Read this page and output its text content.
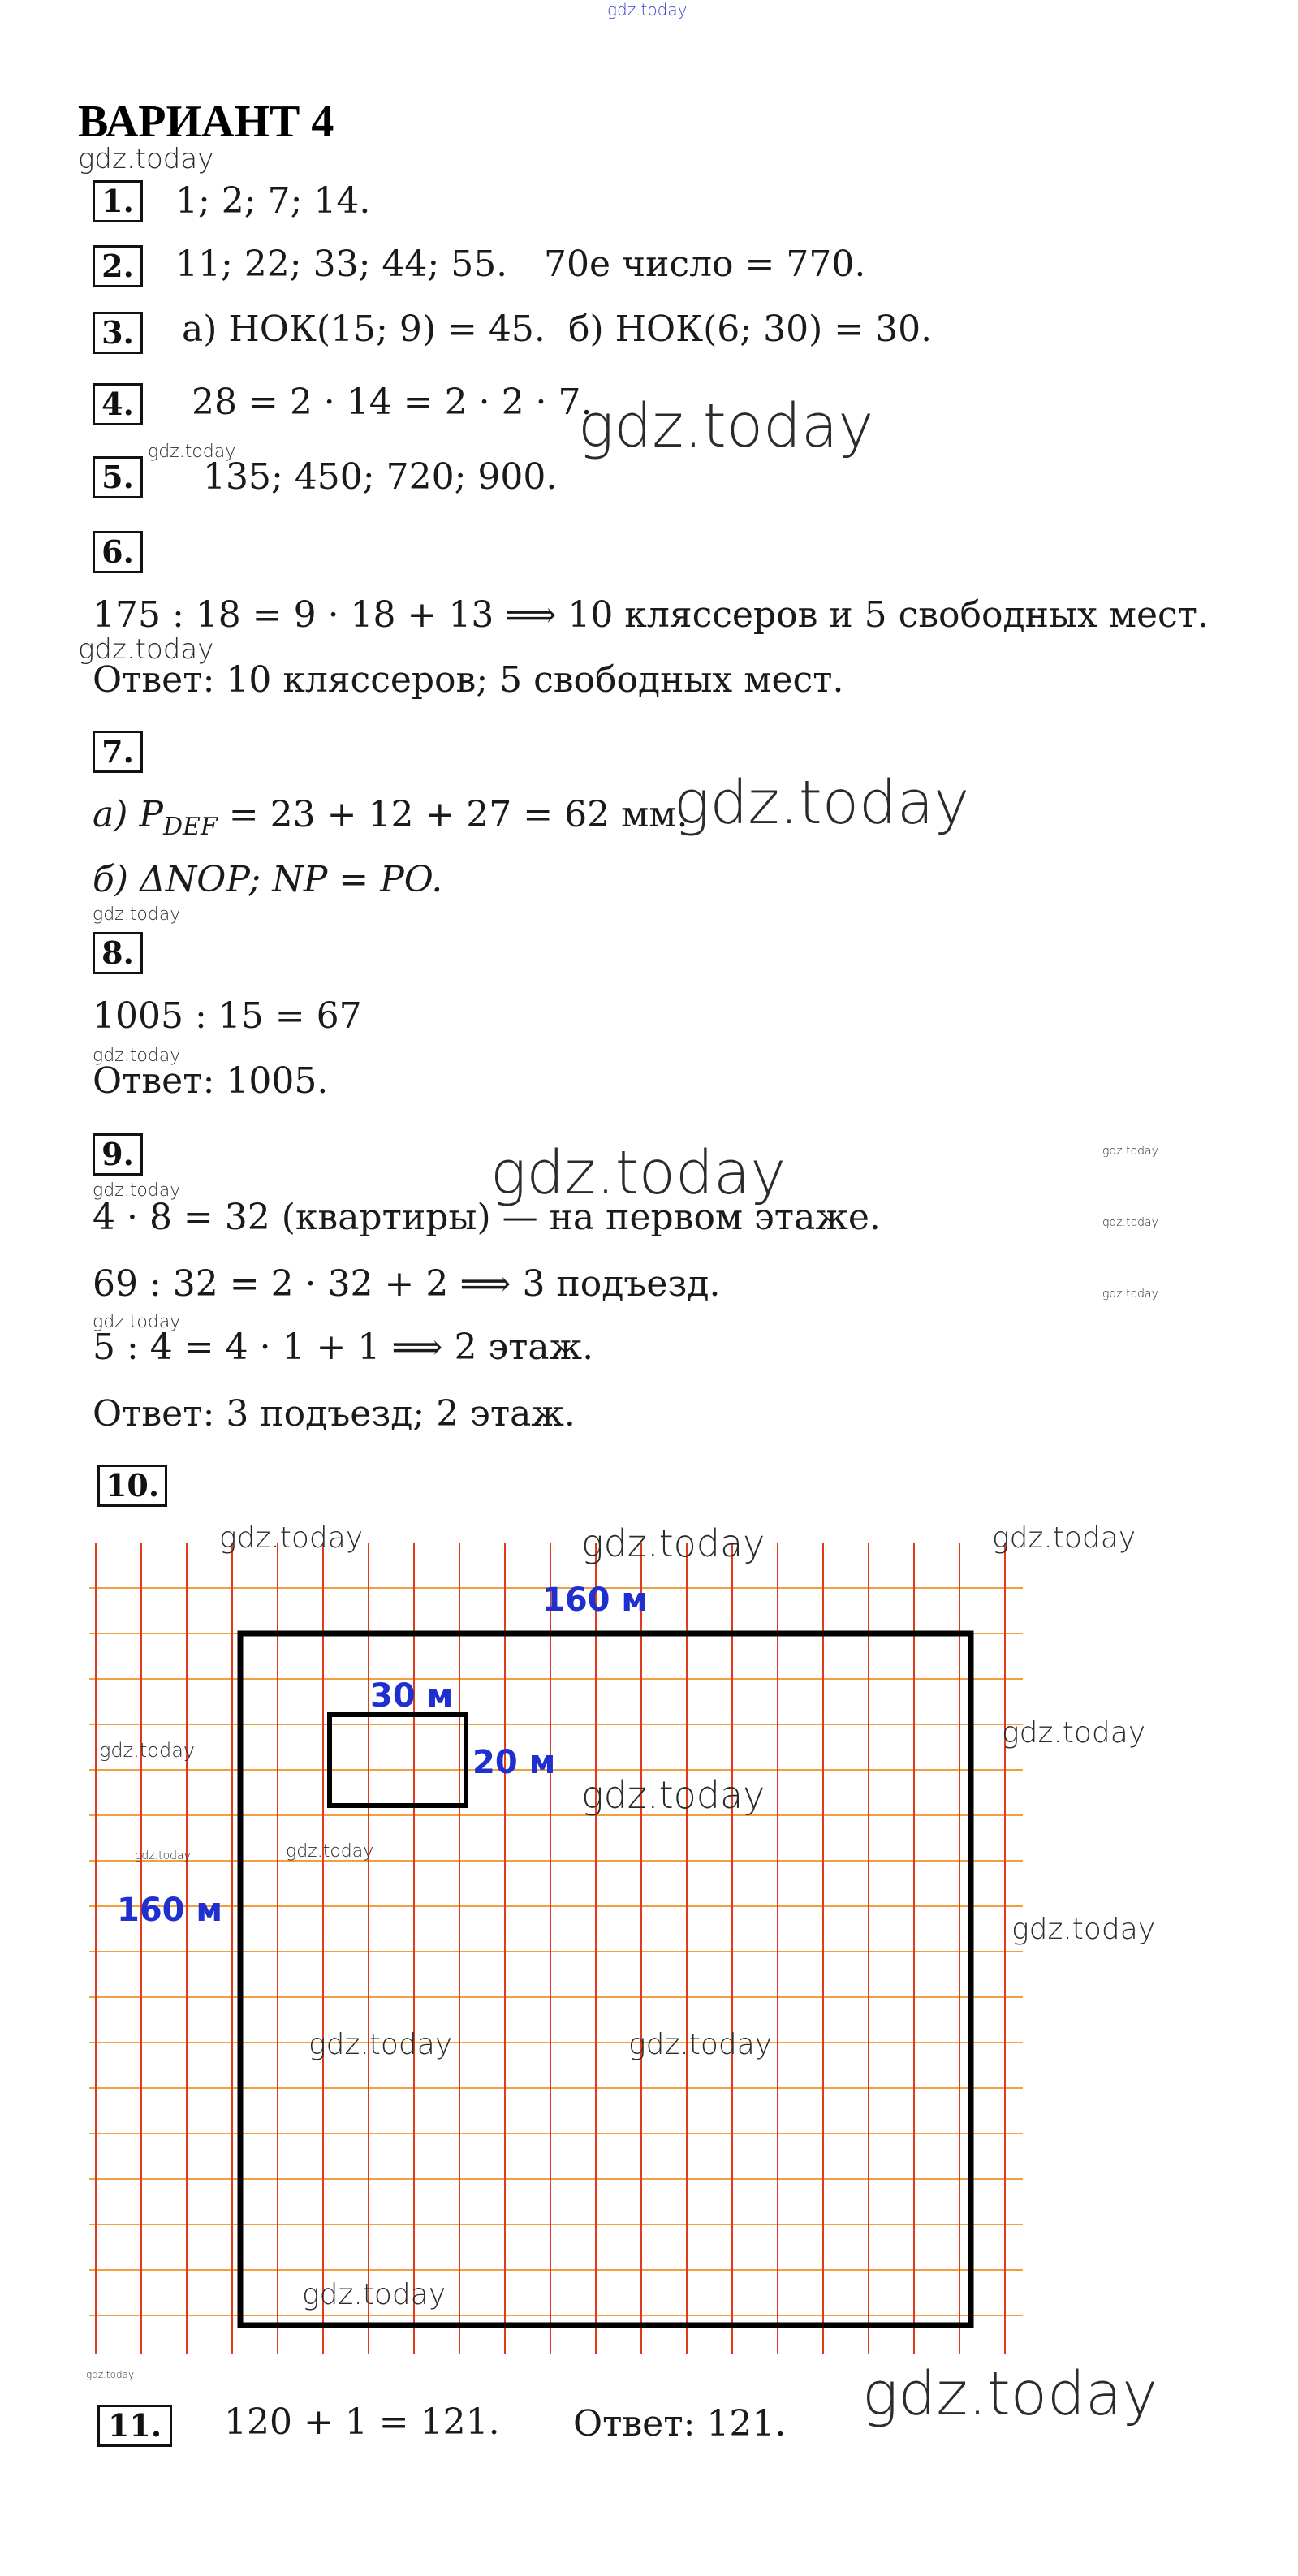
gdz.today
ВАРИАНТ 4
gdz.today
1. 1; 2; 7; 14.
2. 11; 22; 33; 44; 55. 70е число = 770.
3. а) НОК(15; 9) = 45. б) НОК(6; 30) = 30.
4. 28 = 2 · 14 = 2 · 2 · 7.
gdz.today
5.
gdz.today
135; 450; 720; 900.
6.
175 : 18 = 9 · 18 + 13 ⟹ 10 кляссеров и 5 свободных мест.
gdz.today
Ответ: 10 кляссеров; 5 свободных мест.
7.
а) $P_{DEF} = 23 + 12 + 27 = 62$ мм.
gdz.today
б) ΔNOP; NP = PO.
gdz.today
8.
1005 : 15 = 67
gdz.today
Ответ: 1005.
9.	gdz.today	gdz.today
gdz.today
4 · 8 = 32 (квартиры) — на первом этаже.	gdz.today
69 : 32 = 2 · 32 + 2 ⟹ 3 подъезд.	gdz.today
gdz.today
5 : 4 = 4 · 1 + 1 ⟹ 2 этаж.
Ответ: 3 подъезд; 2 этаж.
10.
160 м
160 м
30 м
20 м
gdz.today	gdz.today	gdz.today
gdz.today
gdz.today
gdz.today
gdz.today	gdz.today
gdz.today
gdz.today	gdz.today
gdz.today
gdz.today
11. 120 + 1 = 121. Ответ: 121. gdz.today
